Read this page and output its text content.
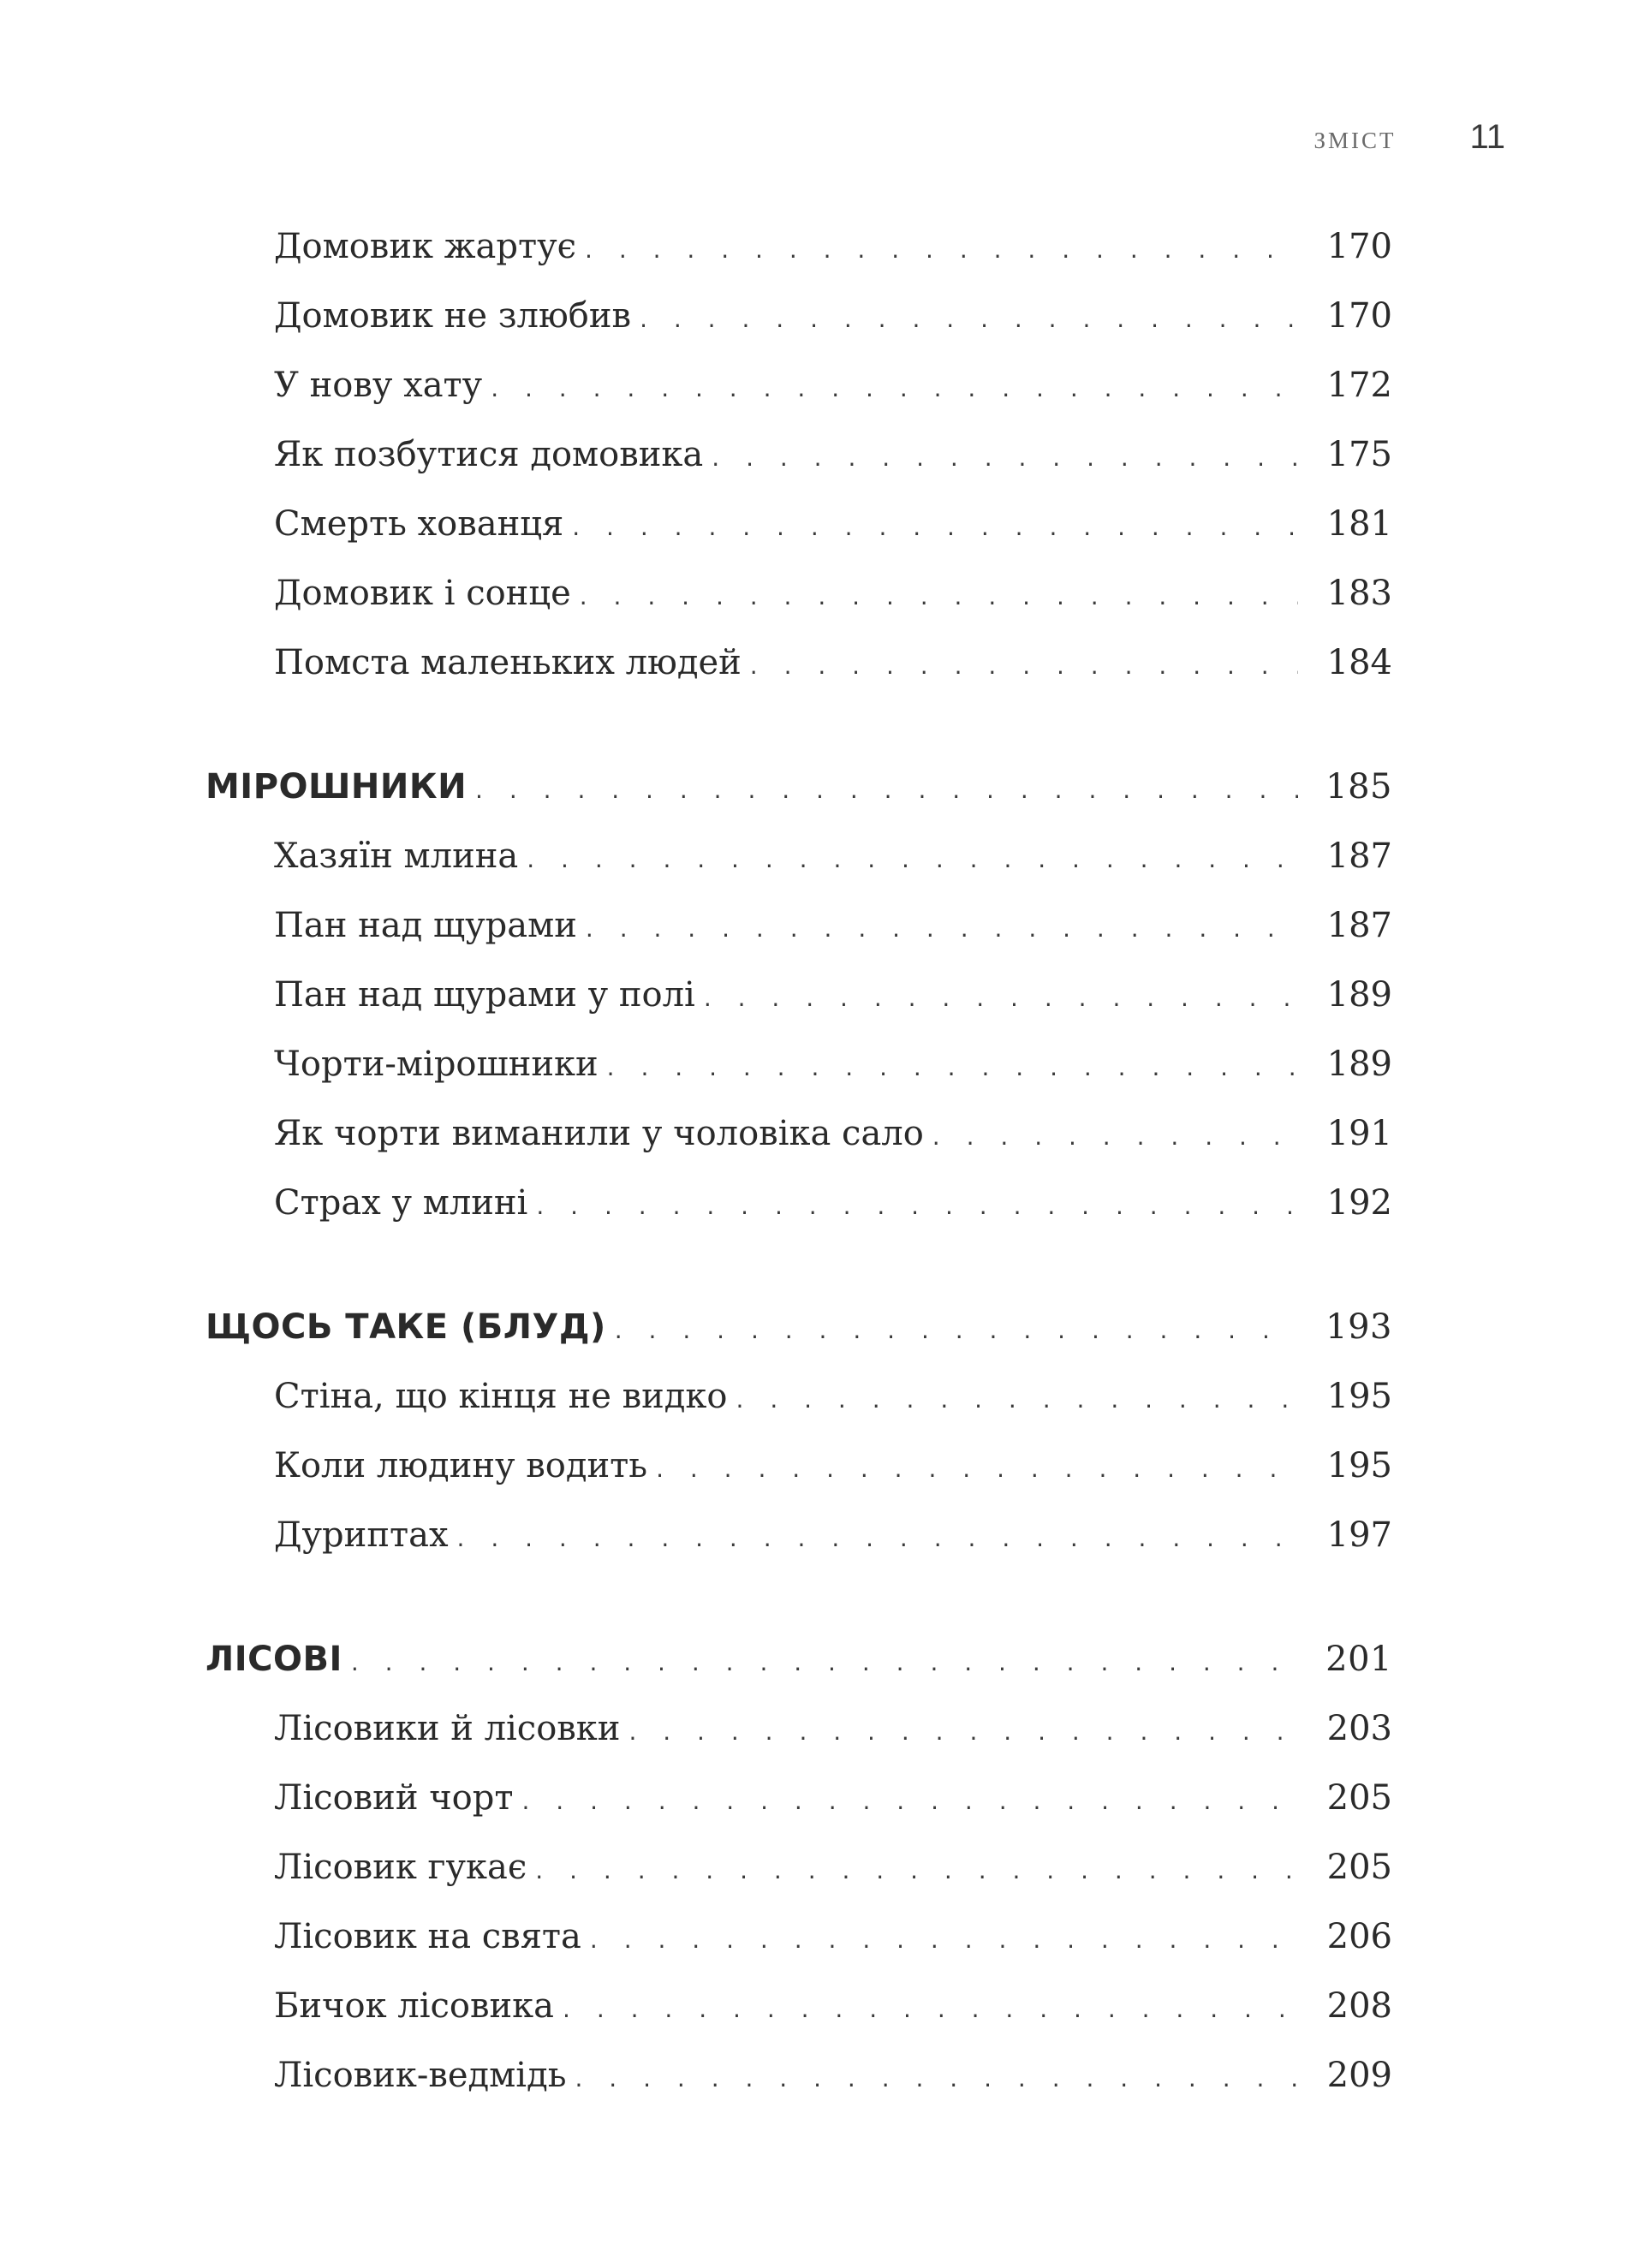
зміст 11
Домовик жартує . . .	170
Домовик не злюбив . . .	170
У нову хату . . .	172
Як позбутися домовика . . .	175
Смерть хованця . . .	181
Домовик і сонце . . .	183
Помста маленьких людей . . .	184
МІРОШНИКИ . . .	185
Хазяїн млина . . .	187
Пан над щурами . . .	187
Пан над щурами у полі . . .	189
Чорти-мірошники . . .	189
Як чорти виманили у чоловіка сало . . .	191
Страх у млині . . .	192
ЩОСЬ ТАКЕ (БЛУД) . . .	193
Стіна, що кінця не видко . . .	195
Коли людину водить . . .	195
Дуриптах . . .	197
ЛІСОВІ . . .	201
Лісовики й лісовки . . .	203
Лісовий чорт . . .	205
Лісовик гукає . . .	205
Лісовик на свята . . .	206
Бичок лісовика . . .	208
Лісовик-ведмідь . . .	209
